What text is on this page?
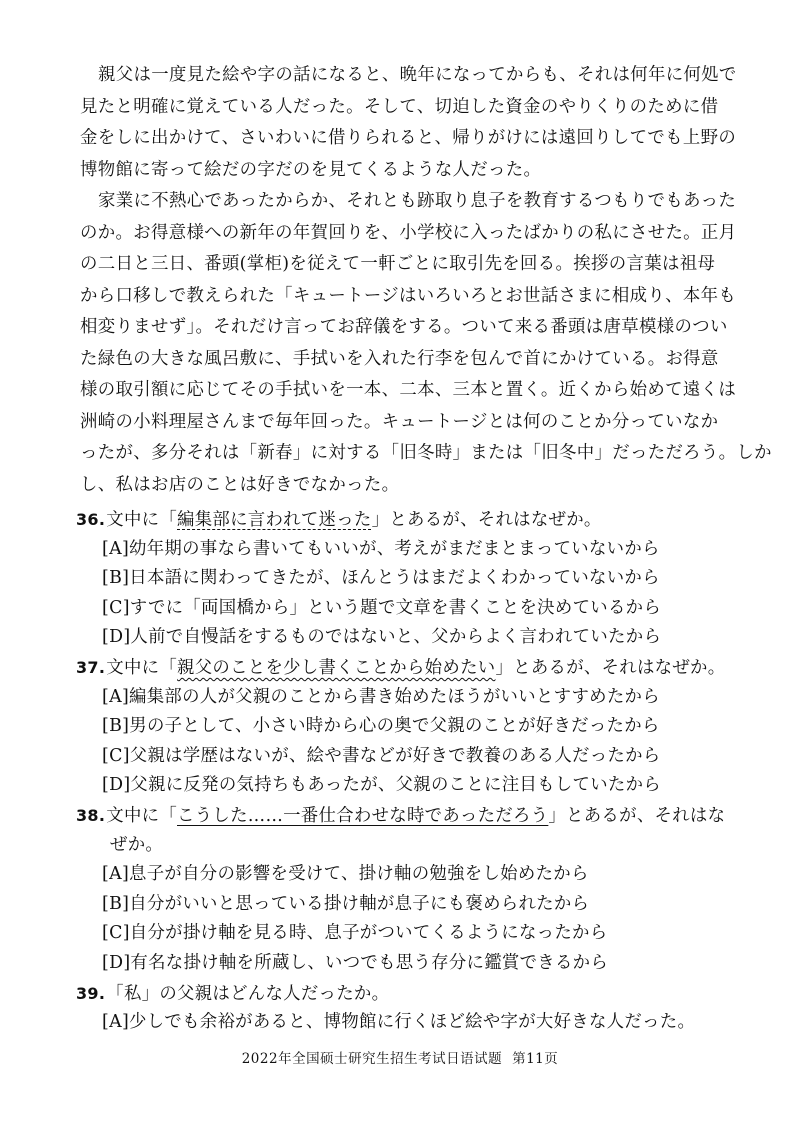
親父は一度見た絵や字の話になると、晩年になってからも、それは何年に何処で

見たと明確に覚えている人だった。そして、切迫した資金のやりくりのために借

金をしに出かけて、さいわいに借りられると、帰りがけには遠回りしてでも上野の

博物館に寄って絵だの字だのを見てくるような人だった。

家業に不熱心であったからか、それとも跡取り息子を教育するつもりでもあった

のか。お得意様への新年の年賀回りを、小学校に入ったばかりの私にさせた。正月

の二日と三日、番頭(掌柜)を従えて一軒ごとに取引先を回る。挨拶の言葉は祖母

から口移しで教えられた「キュートージはいろいろとお世話さまに相成り、本年も

相変りませず」。それだけ言ってお辞儀をする。ついて来る番頭は唐草模様のつい

た緑色の大きな風呂敷に、手拭いを入れた行李を包んで首にかけている。お得意

様の取引額に応じてその手拭いを一本、二本、三本と置く。近くから始めて遠くは

洲崎の小料理屋さんまで毎年回った。キュートージとは何のことか分っていなか

ったが、多分それは「新春」に対する「旧冬時」または「旧冬中」だっただろう。しか

し、私はお店のことは好きでなかった。

36.文中に「編集部に言われて迷った」とあるが、それはなぜか。

[A]幼年期の事なら書いてもいいが、考えがまだまとまっていないから

[B]日本語に関わってきたが、ほんとうはまだよくわかっていないから

[C]すでに「両国橋から」という題で文章を書くことを決めているから

[D]人前で自慢話をするものではないと、父からよく言われていたから

37.文中に「親父のことを少し書くことから始めたい」とあるが、それはなぜか。

[A]編集部の人が父親のことから書き始めたほうがいいとすすめたから

[B]男の子として、小さい時から心の奥で父親のことが好きだったから

[C]父親は学歴はないが、絵や書などが好きで教養のある人だったから

[D]父親に反発の気持ちもあったが、父親のことに注目もしていたから

38.文中に「こうした……一番仕合わせな時であっただろう」とあるが、それはな

ぜか。

[A]息子が自分の影響を受けて、掛け軸の勉強をし始めたから

[B]自分がいいと思っている掛け軸が息子にも褒められたから

[C]自分が掛け軸を見る時、息子がついてくるようになったから

[D]有名な掛け軸を所蔵し、いつでも思う存分に鑑賞できるから

39.「私」の父親はどんな人だったか。

[A]少しでも余裕があると、博物館に行くほど絵や字が大好きな人だった。

2022年全国硕士研究生招生考试日语试题 第11页
